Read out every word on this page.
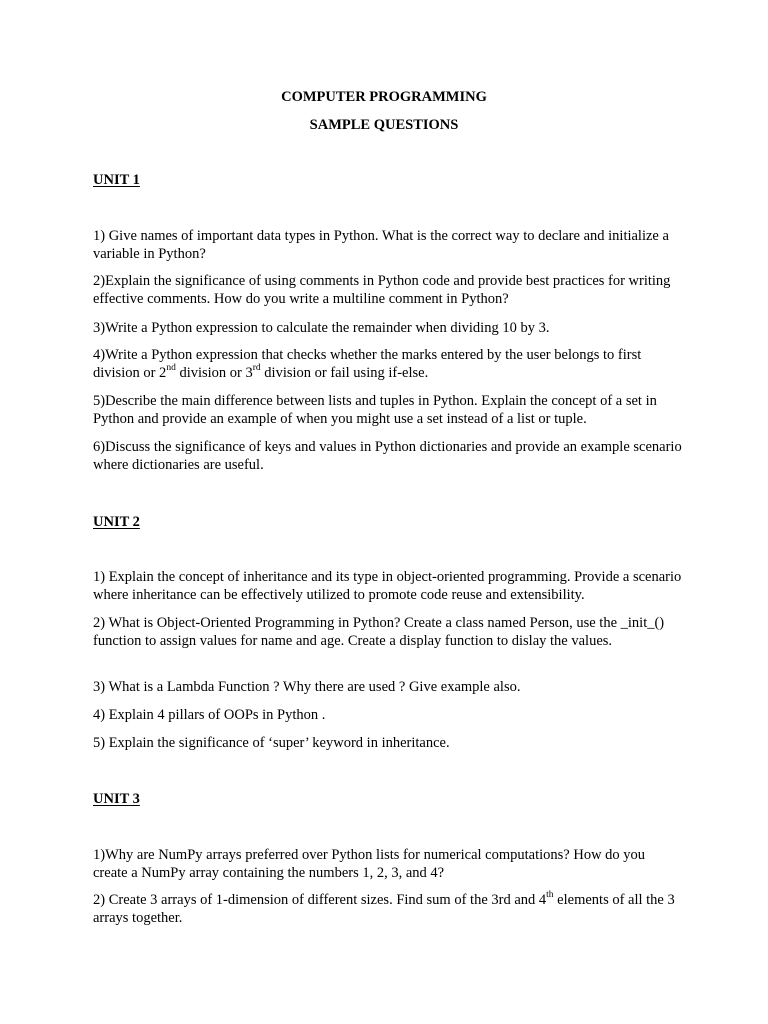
COMPUTER PROGRAMMING

SAMPLE QUESTIONS

UNIT 1

1) Give names of important data types in Python. What is the correct way to declare and initialize a variable in Python?

2)Explain the significance of using comments in Python code and provide best practices for writing effective comments. How do you write a multiline comment in Python?

3)Write a Python expression to calculate the remainder when dividing 10 by 3.

4)Write a Python expression that checks whether the marks entered by the user belongs to first division or 2nd division or 3rd division or fail using if-else.

5)Describe the main difference between lists and tuples in Python. Explain the concept of a set in Python and provide an example of when you might use a set instead of a list or tuple.

6)Discuss the significance of keys and values in Python dictionaries and provide an example scenario where dictionaries are useful.

UNIT 2

1) Explain the concept of inheritance and its type in object-oriented programming. Provide a scenario where inheritance can be effectively utilized to promote code reuse and extensibility.

2) What is Object-Oriented Programming in Python? Create a class named Person, use the _init_() function to assign values for name and age. Create a display function to dislay the values.

3) What is a Lambda Function ? Why there are used ? Give example also.

4) Explain 4 pillars of OOPs in Python .

5) Explain the significance of ‘super’ keyword in inheritance.

UNIT 3

1)Why are NumPy arrays preferred over Python lists for numerical computations? How do you create a NumPy array containing the numbers 1, 2, 3, and 4?

2) Create 3 arrays of 1-dimension of different sizes. Find sum of the 3rd and 4th elements of all the 3 arrays together.
